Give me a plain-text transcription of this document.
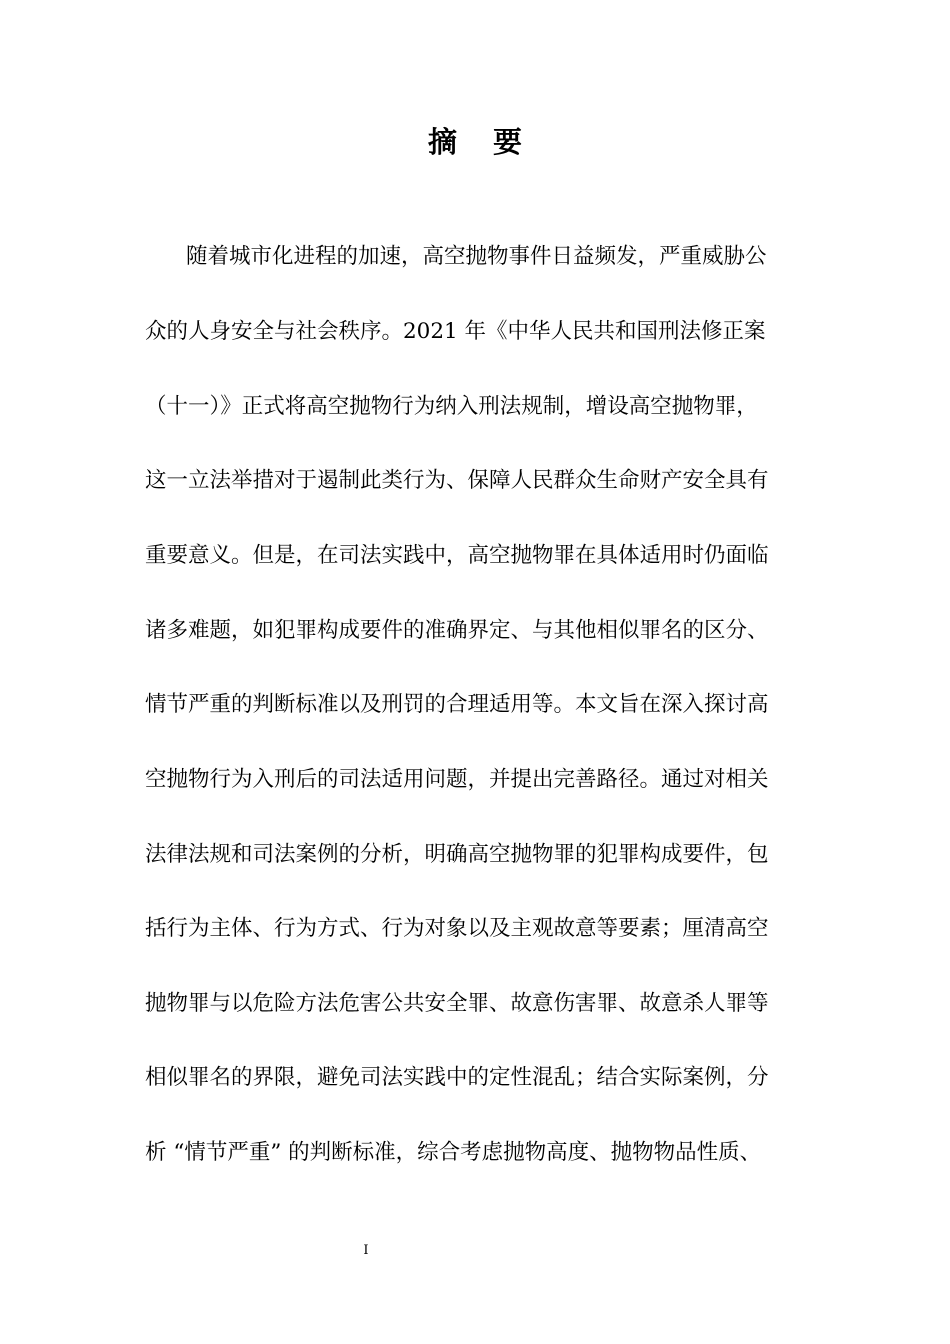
摘要

随着城市化进程的加速，高空抛物事件日益频发，严重威胁公

众的人身安全与社会秩序。2021 年《中华人民共和国刑法修正案

（十一）》正式将高空抛物行为纳入刑法规制，增设高空抛物罪，

这一立法举措对于遏制此类行为、保障人民群众生命财产安全具有

重要意义。但是，在司法实践中，高空抛物罪在具体适用时仍面临

诸多难题，如犯罪构成要件的准确界定、与其他相似罪名的区分、

情节严重的判断标准以及刑罚的合理适用等。本文旨在深入探讨高

空抛物行为入刑后的司法适用问题，并提出完善路径。通过对相关

法律法规和司法案例的分析，明确高空抛物罪的犯罪构成要件，包

括行为主体、行为方式、行为对象以及主观故意等要素；厘清高空

抛物罪与以危险方法危害公共安全罪、故意伤害罪、故意杀人罪等

相似罪名的界限，避免司法实践中的定性混乱；结合实际案例，分

析 “情节严重” 的判断标准，综合考虑抛物高度、抛物物品性质、

I
